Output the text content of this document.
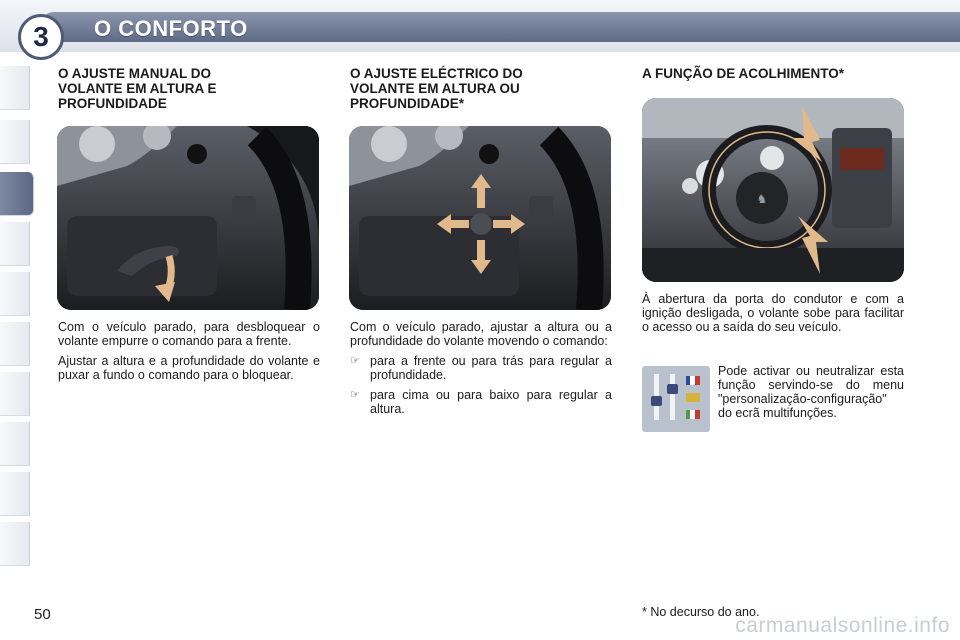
3	O CONFORTO
O AJUSTE MANUAL DO VOLANTE EM ALTURA E PROFUNDIDADE

Com o veículo parado, para desbloquear o volante empurre o comando para a frente.

Ajustar a altura e a profundidade do volante e puxar a fundo o comando para o bloquear.

O AJUSTE ELÉCTRICO DO VOLANTE EM ALTURA OU PROFUNDIDADE*

Com o veículo parado, ajustar a altura ou a profundidade do volante movendo o comando:

☞ para a frente ou para trás para regular a profundidade.
☞ para cima ou para baixo para regular a altura.
A FUNÇÃO DE ACOLHIMENTO*
♞

À abertura da porta do condutor e com a ignição desligada, o volante sobe para facilitar o acesso ou a saída do seu veículo.

Pode activar ou neutralizar esta função servindo-se do menu "personalização-configuração" do ecrã multifunções.

50	* No decurso do ano.
carmanualsonline.info
